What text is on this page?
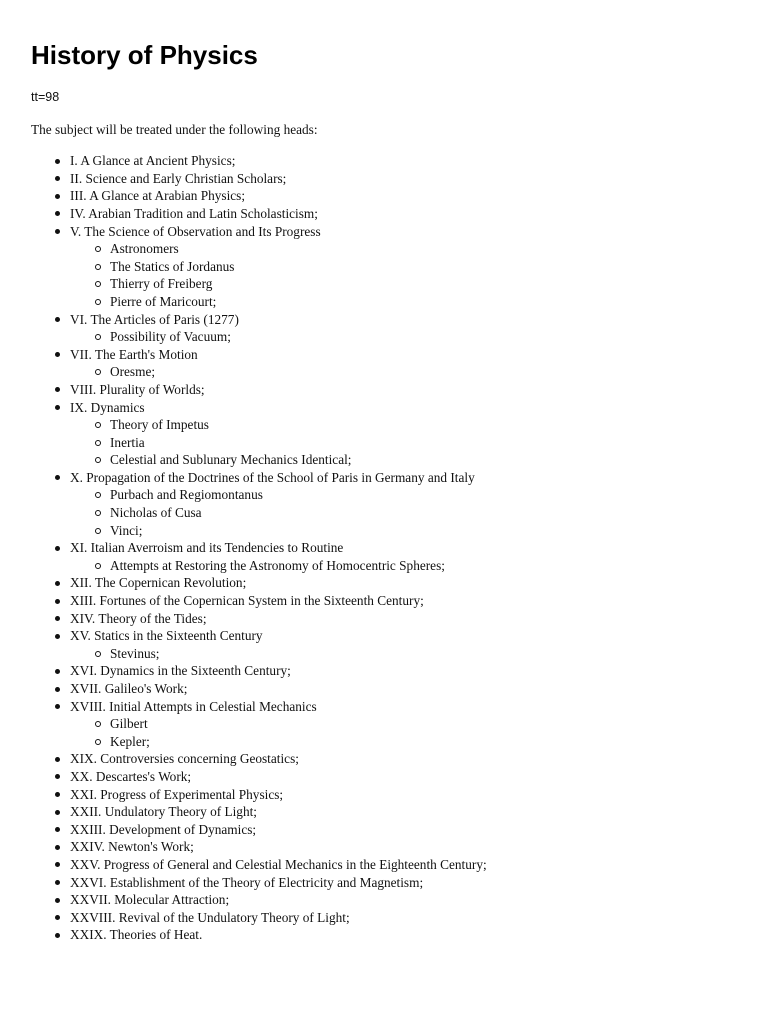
History of Physics

tt=98

The subject will be treated under the following heads:

I. A Glance at Ancient Physics;
II. Science and Early Christian Scholars;
III. A Glance at Arabian Physics;
IV. Arabian Tradition and Latin Scholasticism;
V. The Science of Observation and Its Progress
Astronomers
The Statics of Jordanus
Thierry of Freiberg
Pierre of Maricourt;
VI. The Articles of Paris (1277)
Possibility of Vacuum;
VII. The Earth's Motion
Oresme;
VIII. Plurality of Worlds;
IX. Dynamics
Theory of Impetus
Inertia
Celestial and Sublunary Mechanics Identical;
X. Propagation of the Doctrines of the School of Paris in Germany and Italy
Purbach and Regiomontanus
Nicholas of Cusa
Vinci;
XI. Italian Averroism and its Tendencies to Routine
Attempts at Restoring the Astronomy of Homocentric Spheres;
XII. The Copernican Revolution;
XIII. Fortunes of the Copernican System in the Sixteenth Century;
XIV. Theory of the Tides;
XV. Statics in the Sixteenth Century
Stevinus;
XVI. Dynamics in the Sixteenth Century;
XVII. Galileo's Work;
XVIII. Initial Attempts in Celestial Mechanics
Gilbert
Kepler;
XIX. Controversies concerning Geostatics;
XX. Descartes's Work;
XXI. Progress of Experimental Physics;
XXII. Undulatory Theory of Light;
XXIII. Development of Dynamics;
XXIV. Newton's Work;
XXV. Progress of General and Celestial Mechanics in the Eighteenth Century;
XXVI. Establishment of the Theory of Electricity and Magnetism;
XXVII. Molecular Attraction;
XXVIII. Revival of the Undulatory Theory of Light;
XXIX. Theories of Heat.
